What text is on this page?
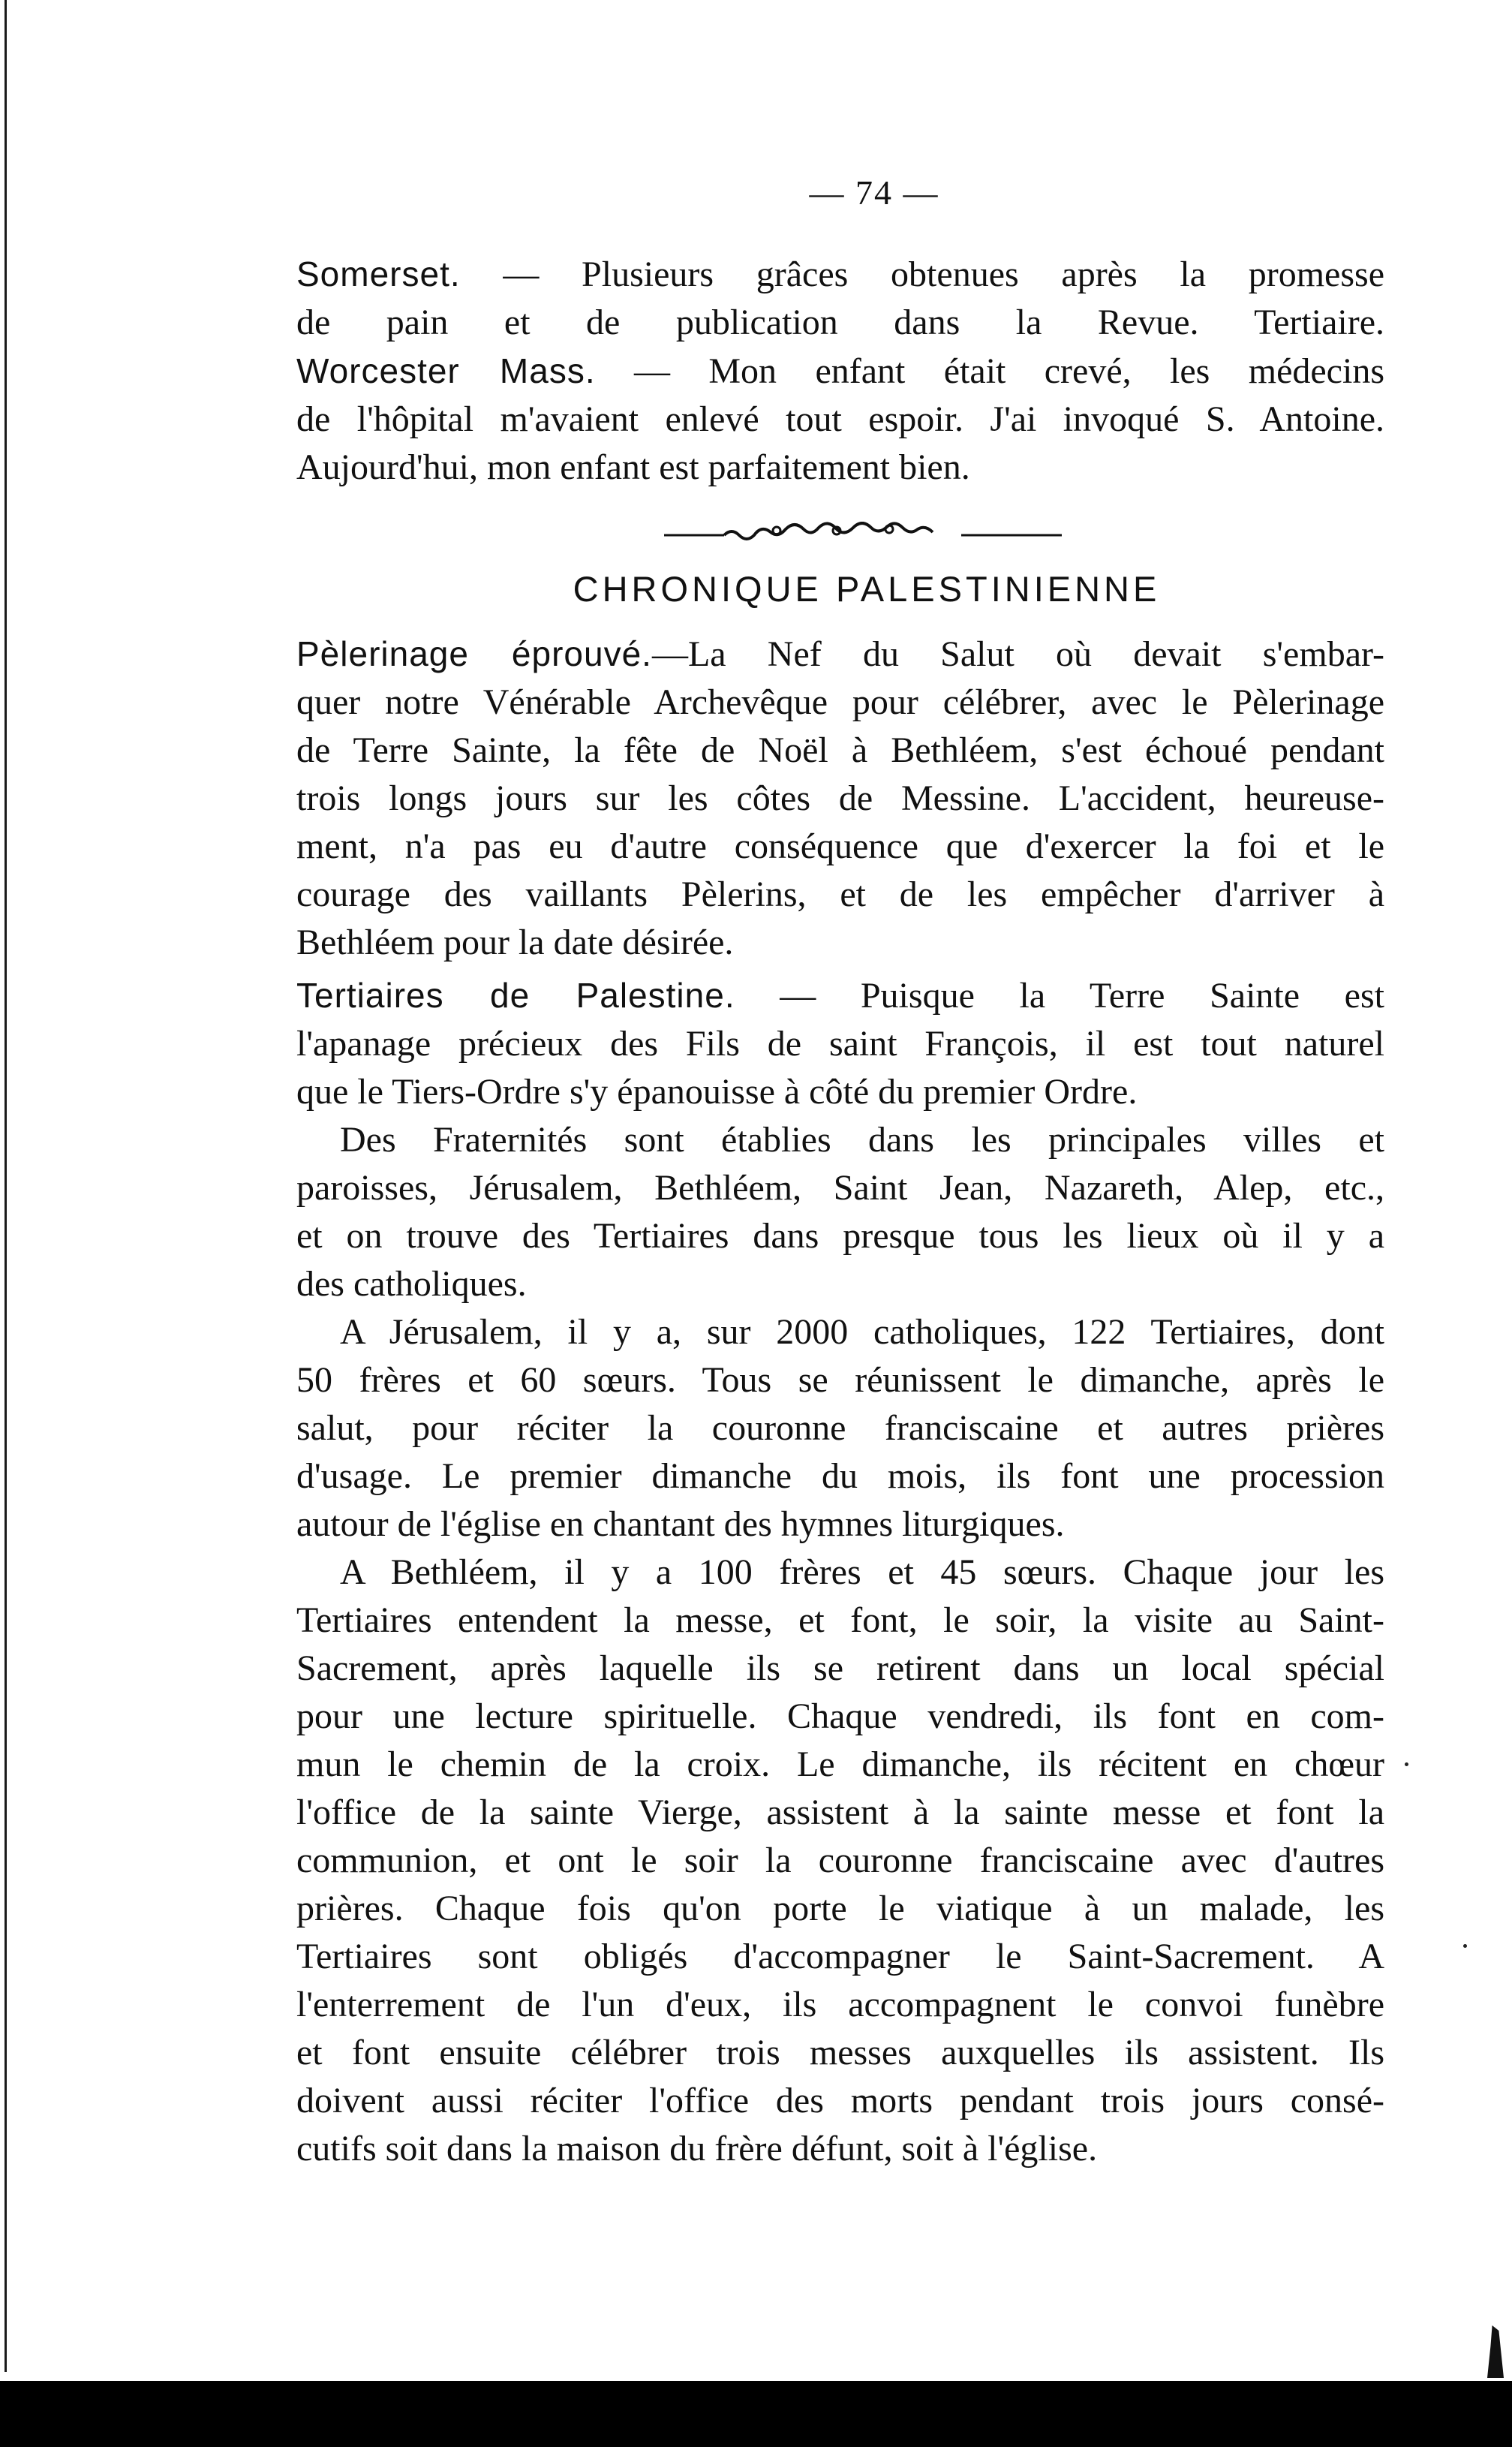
— 74 —
Somerset. — Plusieurs grâces obtenues après la promesse
de pain et de publication dans la Revue. Tertiaire.
Worcester Mass. — Mon enfant était crevé, les médecins
de l'hôpital m'avaient enlevé tout espoir. J'ai invoqué S. Antoine.
Aujourd'hui, mon enfant est parfaitement bien.
CHRONIQUE PALESTINIENNE
Pèlerinage éprouvé.—La Nef du Salut où devait s'embar-
quer notre Vénérable Archevêque pour célébrer, avec le Pèlerinage
de Terre Sainte, la fête de Noël à Bethléem, s'est échoué pendant
trois longs jours sur les côtes de Messine. L'accident, heureuse-
ment, n'a pas eu d'autre conséquence que d'exercer la foi et le
courage des vaillants Pèlerins, et de les empêcher d'arriver à
Bethléem pour la date désirée.
Tertiaires de Palestine. — Puisque la Terre Sainte est
l'apanage précieux des Fils de saint François, il est tout naturel
que le Tiers-Ordre s'y épanouisse à côté du premier Ordre.
Des Fraternités sont établies dans les principales villes et
paroisses, Jérusalem, Bethléem, Saint Jean, Nazareth, Alep, etc.,
et on trouve des Tertiaires dans presque tous les lieux où il y a
des catholiques.
A Jérusalem, il y a, sur 2000 catholiques, 122 Tertiaires, dont
50 frères et 60 sœurs. Tous se réunissent le dimanche, après le
salut, pour réciter la couronne franciscaine et autres prières
d'usage. Le premier dimanche du mois, ils font une procession
autour de l'église en chantant des hymnes liturgiques.
A Bethléem, il y a 100 frères et 45 sœurs. Chaque jour les
Tertiaires entendent la messe, et font, le soir, la visite au Saint-
Sacrement, après laquelle ils se retirent dans un local spécial
pour une lecture spirituelle. Chaque vendredi, ils font en com-
mun le chemin de la croix. Le dimanche, ils récitent en chœur
l'office de la sainte Vierge, assistent à la sainte messe et font la
communion, et ont le soir la couronne franciscaine avec d'autres
prières. Chaque fois qu'on porte le viatique à un malade, les
Tertiaires sont obligés d'accompagner le Saint-Sacrement. A
l'enterrement de l'un d'eux, ils accompagnent le convoi funèbre
et font ensuite célébrer trois messes auxquelles ils assistent. Ils
doivent aussi réciter l'office des morts pendant trois jours consé-
cutifs soit dans la maison du frère défunt, soit à l'église.
